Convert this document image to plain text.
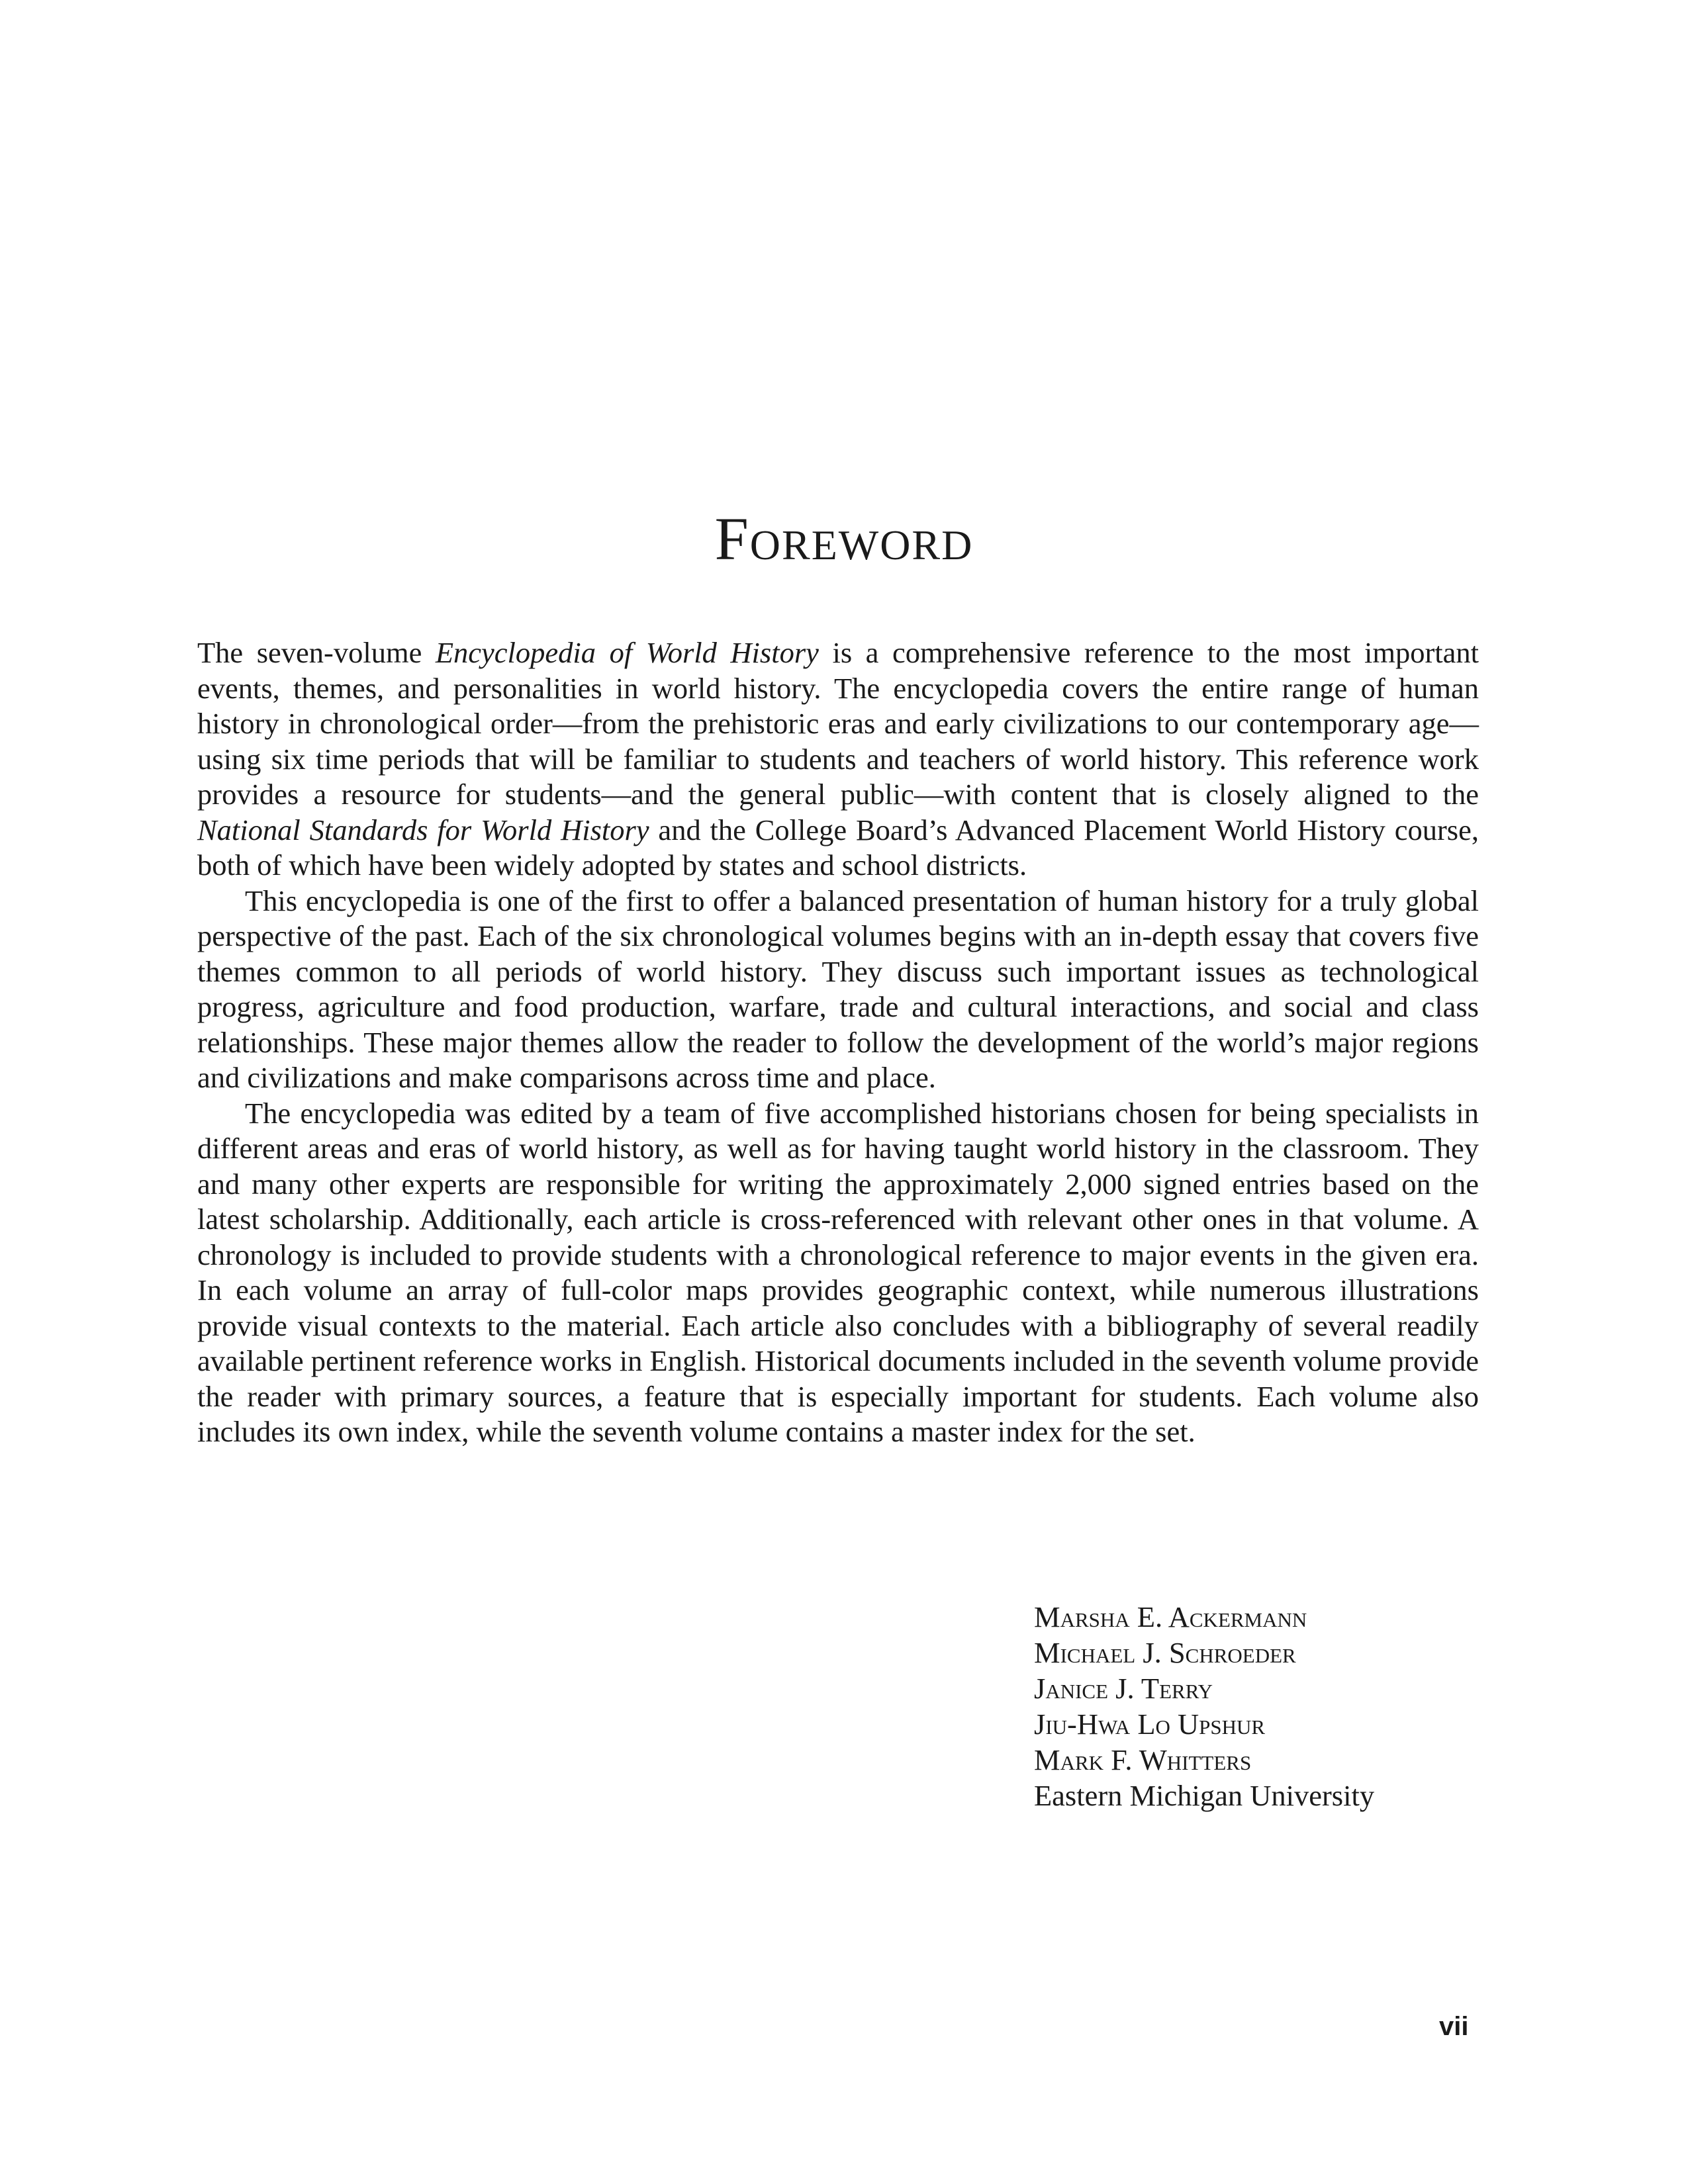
Foreword

The seven-volume Encyclopedia of World History is a comprehensive reference to the most important events, themes, and personalities in world history. The encyclopedia covers the entire range of human history in chronological order—from the prehistoric eras and early civilizations to our contemporary age—using six time periods that will be familiar to students and teachers of world history. This reference work provides a resource for students—and the general public—with content that is closely aligned to the National Standards for World History and the College Board’s Advanced Placement World History course, both of which have been widely adopted by states and school districts.

This encyclopedia is one of the first to offer a balanced presentation of human history for a truly global perspective of the past. Each of the six chronological volumes begins with an in-depth essay that covers five themes common to all periods of world history. They discuss such important issues as technological progress, agriculture and food production, warfare, trade and cultural interactions, and social and class relationships. These major themes allow the reader to follow the development of the world’s major regions and civilizations and make comparisons across time and place.

The encyclopedia was edited by a team of five accomplished historians chosen for being specialists in different areas and eras of world history, as well as for having taught world history in the classroom. They and many other experts are responsible for writing the approximately 2,000 signed entries based on the latest scholarship. Additionally, each article is cross-referenced with relevant other ones in that volume. A chronology is included to provide students with a chronological reference to major events in the given era. In each volume an array of full-color maps provides geographic context, while numerous illustrations provide visual contexts to the material. Each article also concludes with a bibliography of several readily available pertinent reference works in English. Historical documents included in the seventh volume provide the reader with primary sources, a feature that is especially important for students. Each volume also includes its own index, while the seventh volume contains a master index for the set.

Marsha E. Ackermann
Michael J. Schroeder
Janice J. Terry
Jiu-Hwa Lo Upshur
Mark F. Whitters
Eastern Michigan University
vii
